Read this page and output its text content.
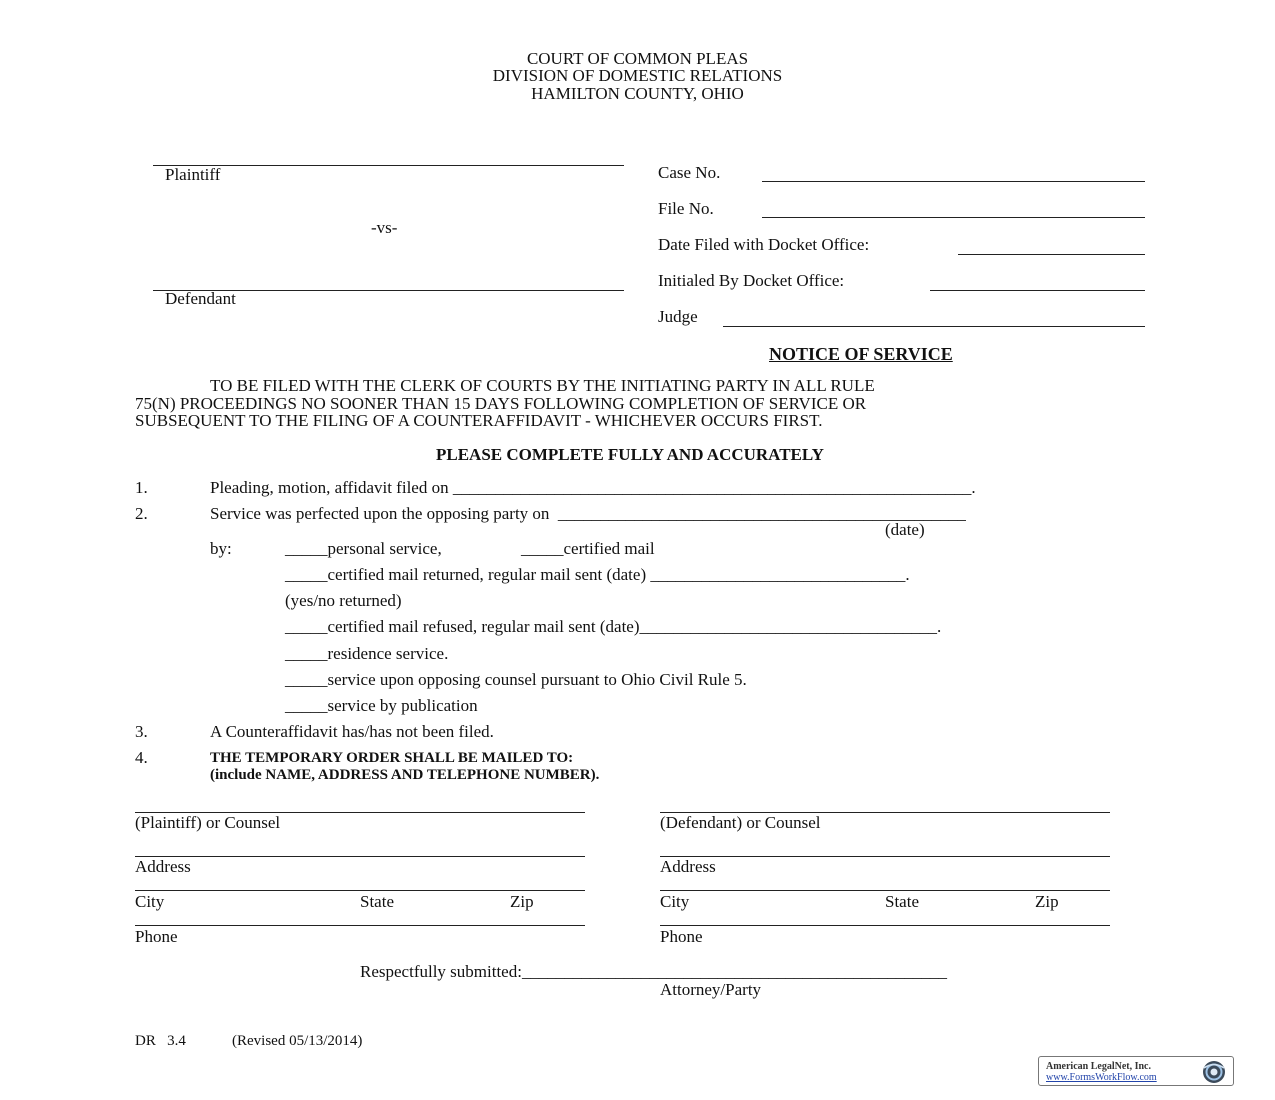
COURT OF COMMON PLEAS
DIVISION OF DOMESTIC RELATIONS
HAMILTON COUNTY, OHIO
Plaintiff
-vs-
Defendant
Case No.
File No.
Date Filed with Docket Office:
Initialed By Docket Office:
Judge
NOTICE OF SERVICE
TO BE FILED WITH THE CLERK OF COURTS BY THE INITIATING PARTY IN ALL RULE
75(N) PROCEEDINGS NO SOONER THAN 15 DAYS FOLLOWING COMPLETION OF SERVICE OR
SUBSEQUENT TO THE FILING OF A COUNTERAFFIDAVIT - WHICHEVER OCCURS FIRST.
PLEASE COMPLETE FULLY AND ACCURATELY
1.	Pleading, motion, affidavit filed on _____________________________________________________________.
2.	Service was perfected upon the opposing party on  ________________________________________________
(date)
by:	_____personal service,	_____certified mail
_____certified mail returned, regular mail sent (date) ______________________________.
(yes/no returned)
_____certified mail refused, regular mail sent (date)___________________________________.
_____residence service.
_____service upon opposing counsel pursuant to Ohio Civil Rule 5.
_____service by publication
3.	A Counteraffidavit has/has not been filed.
4.	THE TEMPORARY ORDER SHALL BE MAILED TO:
(include NAME, ADDRESS AND TELEPHONE NUMBER).
(Plaintiff) or Counsel
Address
City	State	Zip
Phone
(Defendant) or Counsel
Address
City	State	Zip
Phone
Respectfully submitted:__________________________________________________
Attorney/Party
DR   3.4	(Revised 05/13/2014)
American LegalNet, Inc.
www.FormsWorkFlow.com
